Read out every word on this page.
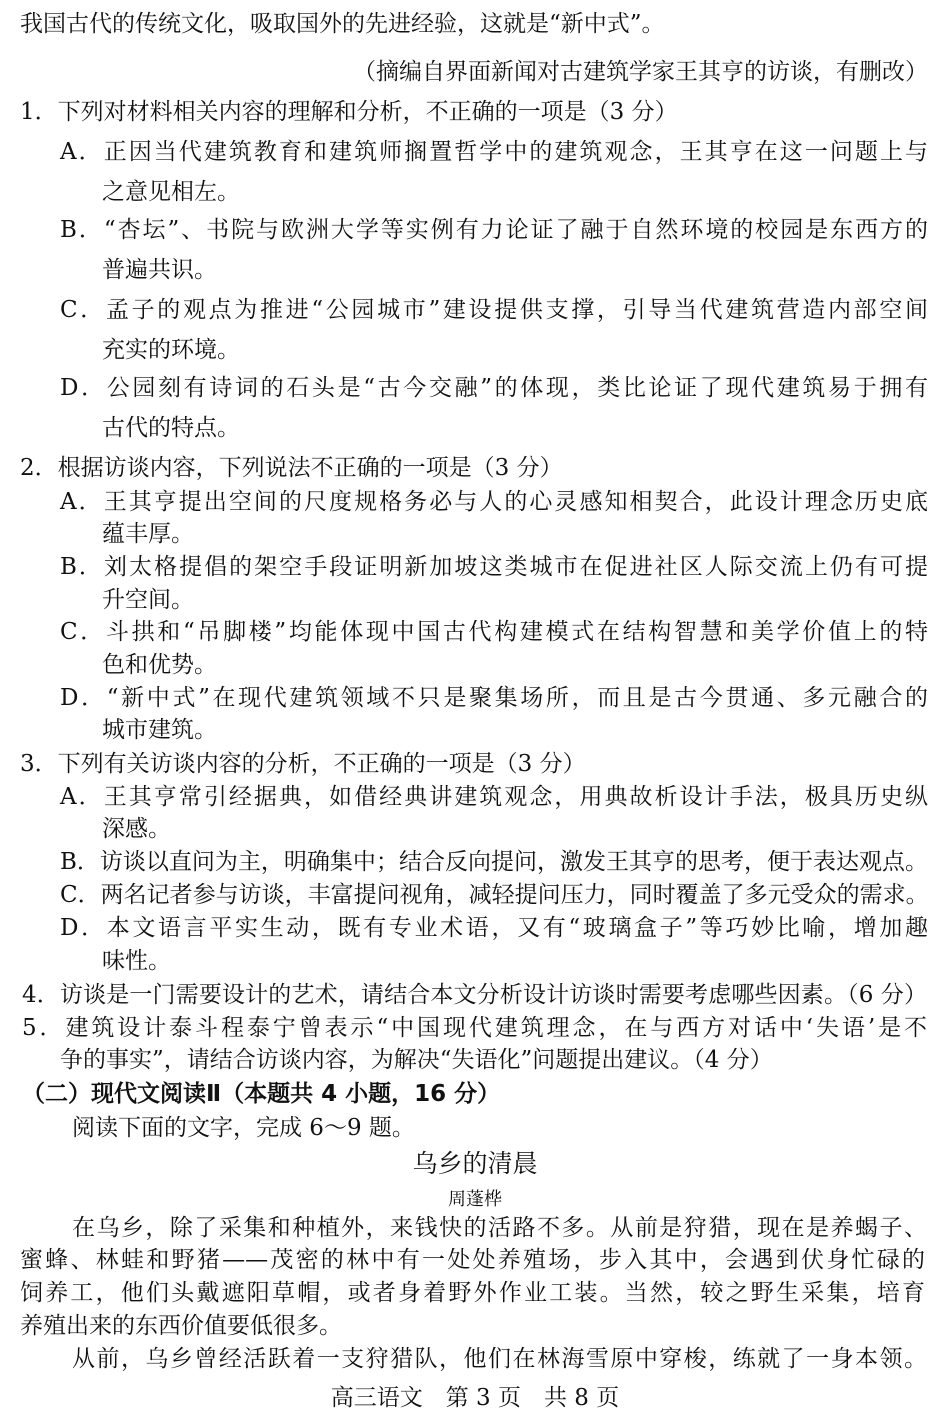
我国古代的传统文化，吸取国外的先进经验，这就是“新中式”。
（摘编自界面新闻对古建筑学家王其亨的访谈，有删改）
1．下列对材料相关内容的理解和分析，不正确的一项是（3 分）
A．正因当代建筑教育和建筑师搁置哲学中的建筑观念，王其亨在这一问题上与
之意见相左。
B．“杏坛”、书院与欧洲大学等实例有力论证了融于自然环境的校园是东西方的
普遍共识。
C．孟子的观点为推进“公园城市”建设提供支撑，引导当代建筑营造内部空间
充实的环境。
D．公园刻有诗词的石头是“古今交融”的体现，类比论证了现代建筑易于拥有
古代的特点。
2．根据访谈内容，下列说法不正确的一项是（3 分）
A．王其亨提出空间的尺度规格务必与人的心灵感知相契合，此设计理念历史底
蕴丰厚。
B．刘太格提倡的架空手段证明新加坡这类城市在促进社区人际交流上仍有可提
升空间。
C．斗拱和“吊脚楼”均能体现中国古代构建模式在结构智慧和美学价值上的特
色和优势。
D．“新中式”在现代建筑领域不只是聚集场所，而且是古今贯通、多元融合的
城市建筑。
3．下列有关访谈内容的分析，不正确的一项是（3 分）
A．王其亨常引经据典，如借经典讲建筑观念，用典故析设计手法，极具历史纵
深感。
B．访谈以直问为主，明确集中；结合反向提问，激发王其亨的思考，便于表达观点。
C．两名记者参与访谈，丰富提问视角，减轻提问压力，同时覆盖了多元受众的需求。
D．本文语言平实生动，既有专业术语，又有“玻璃盒子”等巧妙比喻，增加趣
味性。
4．访谈是一门需要设计的艺术，请结合本文分析设计访谈时需要考虑哪些因素。（6 分）
5．建筑设计泰斗程泰宁曾表示“中国现代建筑理念，在与西方对话中‘失语’是不
争的事实”，请结合访谈内容，为解决“失语化”问题提出建议。（4 分）
（二）现代文阅读Ⅱ（本题共 4 小题，16 分）
阅读下面的文字，完成 6～9 题。
乌乡的清晨
周蓬桦
在乌乡，除了采集和种植外，来钱快的活路不多。从前是狩猎，现在是养蝎子、
蜜蜂、林蛙和野猪——茂密的林中有一处处养殖场，步入其中，会遇到伏身忙碌的
饲养工，他们头戴遮阳草帽，或者身着野外作业工装。当然，较之野生采集，培育
养殖出来的东西价值要低很多。
从前，乌乡曾经活跃着一支狩猎队，他们在林海雪原中穿梭，练就了一身本领。
高三语文　第 3 页　共 8 页
